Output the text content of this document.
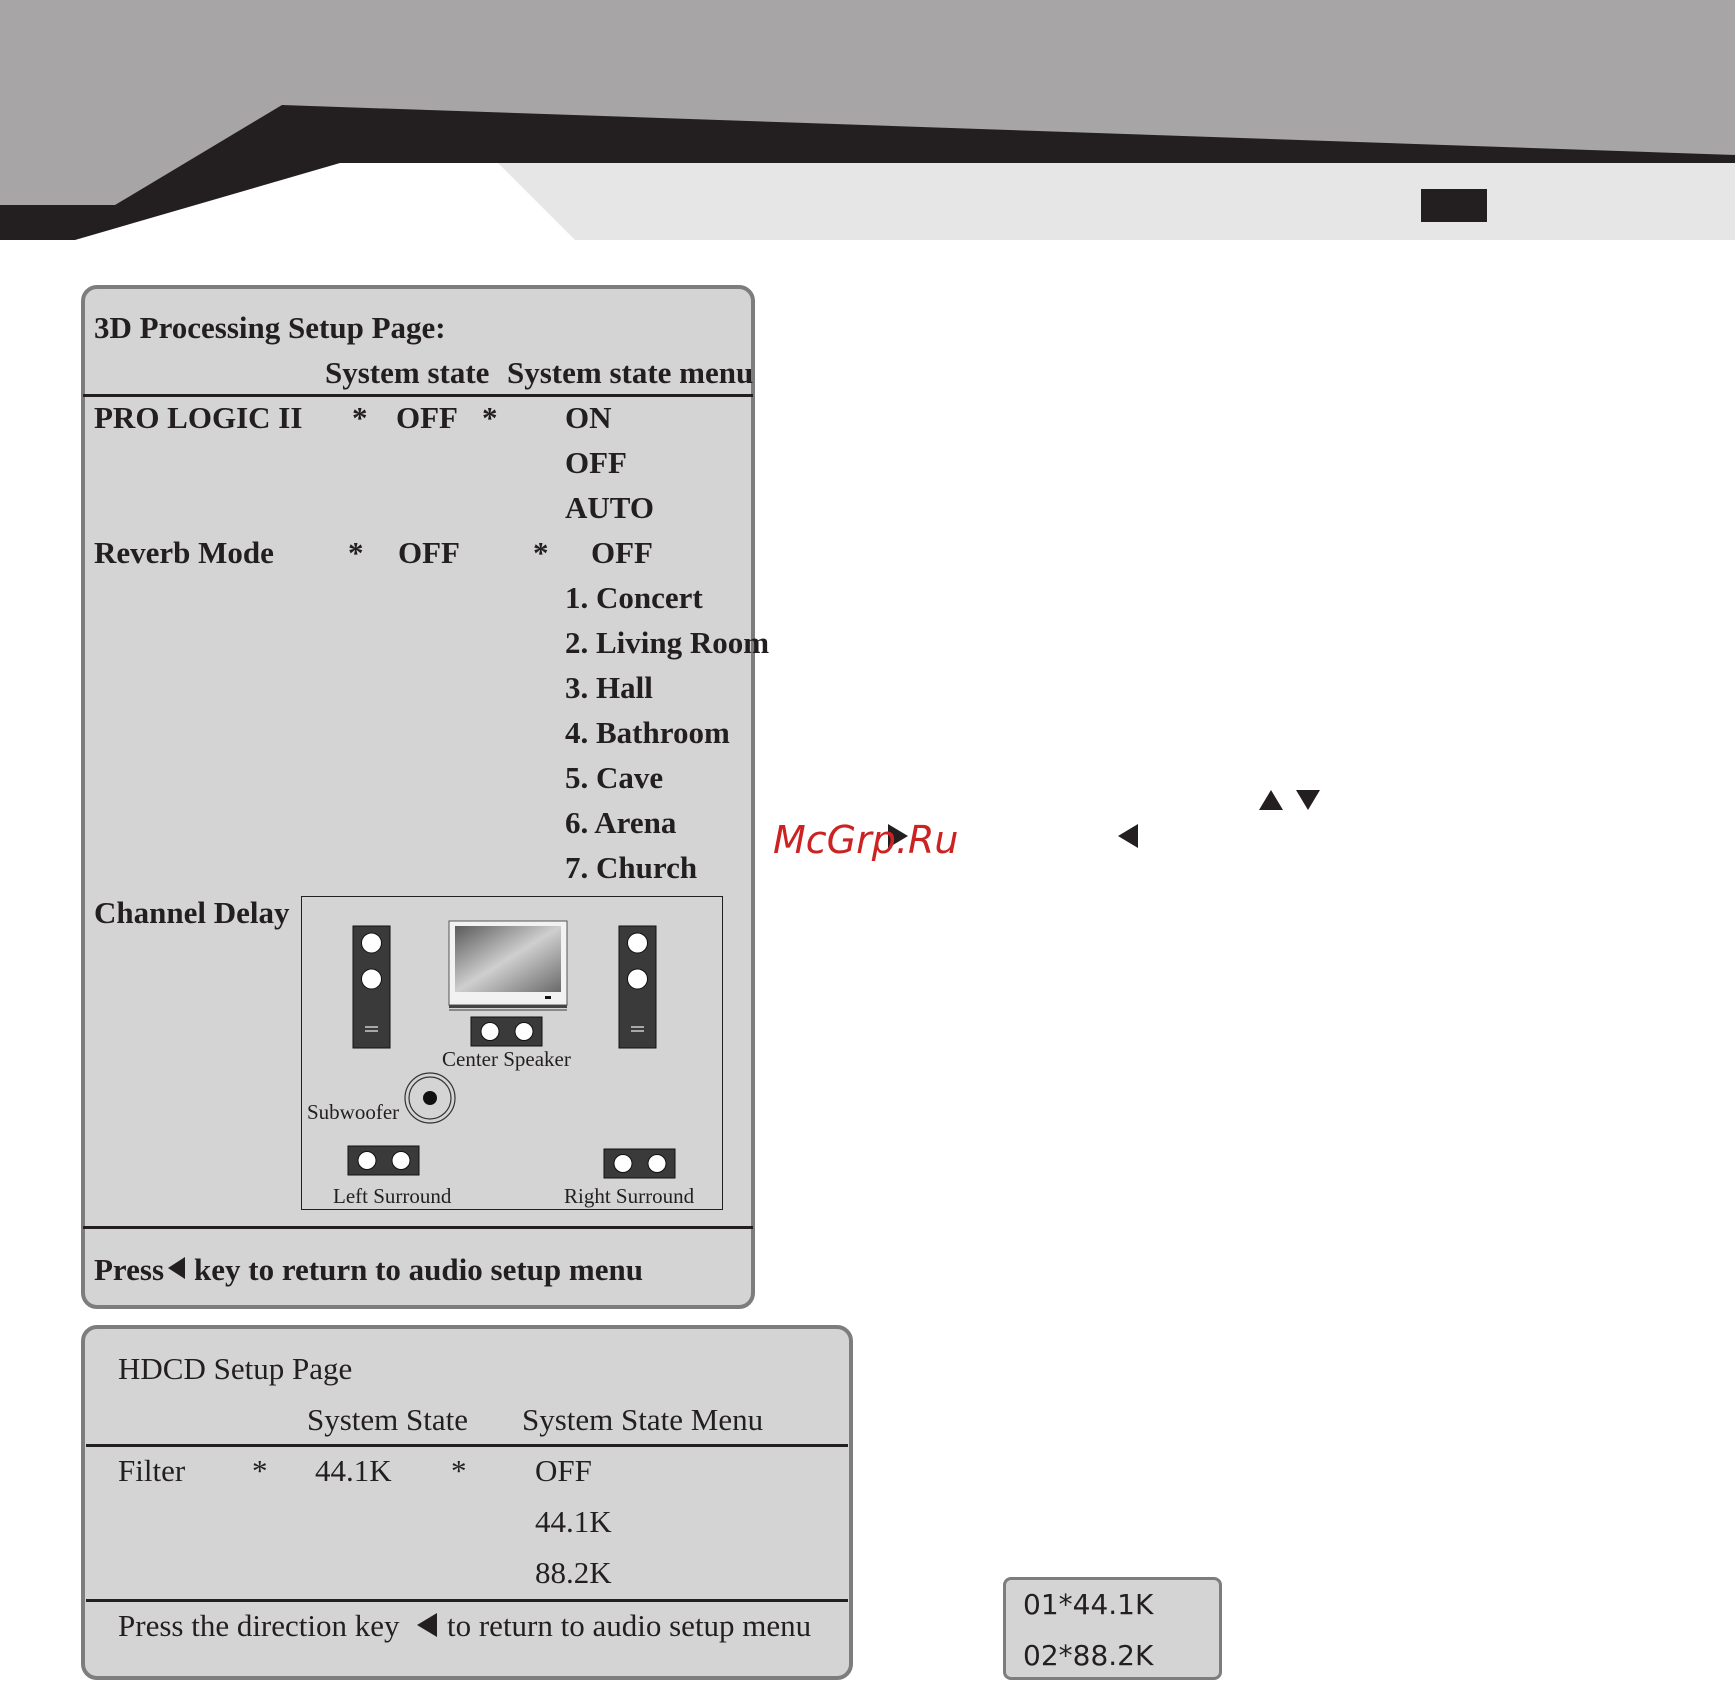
3D Processing Setup Page:
System state System state menu
PRO LOGIC II * OFF * ON
OFF
AUTO
Reverb Mode * OFF * OFF
1. Concert
2. Living Room
3. Hall
4. Bathroom
5. Cave
6. Arena
7. Church
Channel Delay
Center Speaker
Subwoofer
Left Surround	Right Surround
Press key to return to audio setup menu
HDCD Setup Page
System State System State Menu
Filter * 44.1K * OFF
44.1K
88.2K
Press the direction key to return to audio setup menu
01*44.1K
02*88.2K
McGrp.Ru
